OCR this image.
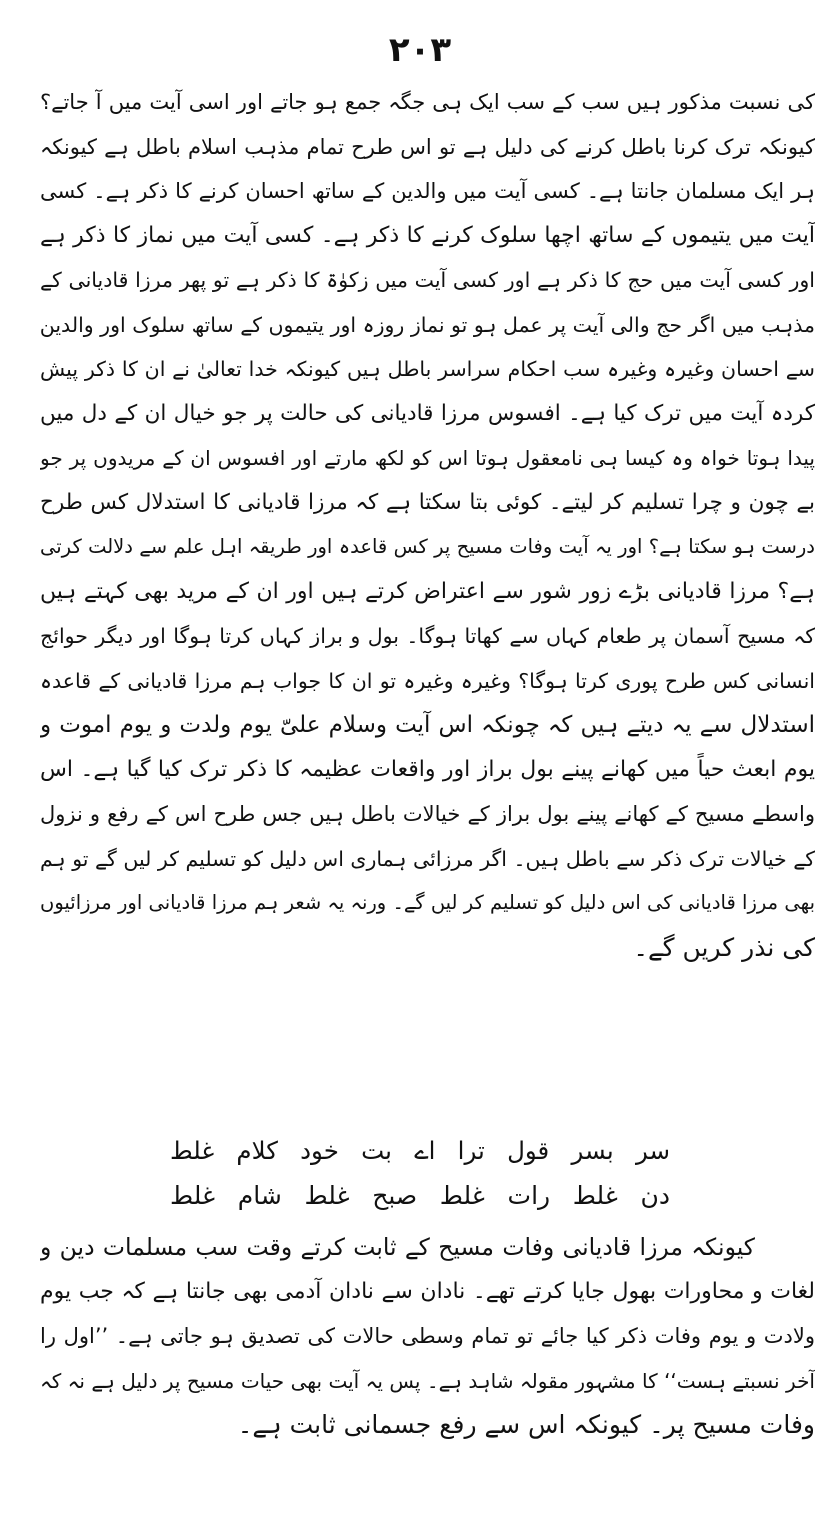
۲۰۳
کی نسبت مذکور ہیں سب کے سب ایک ہی جگہ جمع ہو جاتے اور اسی آیت میں آ جاتے؟
کیونکہ ترک کرنا باطل کرنے کی دلیل ہے تو اس طرح تمام مذہب اسلام باطل ہے کیونکہ
ہر ایک مسلمان جانتا ہے۔ کسی آیت میں والدین کے ساتھ احسان کرنے کا ذکر ہے۔ کسی
آیت میں یتیموں کے ساتھ اچھا سلوک کرنے کا ذکر ہے۔ کسی آیت میں نماز کا ذکر ہے
اور کسی آیت میں حج کا ذکر ہے اور کسی آیت میں زکوٰۃ کا ذکر ہے تو پھر مرزا قادیانی کے
مذہب میں اگر حج والی آیت پر عمل ہو تو نماز روزہ اور یتیموں کے ساتھ سلوک اور والدین
سے احسان وغیرہ وغیرہ سب احکام سراسر باطل ہیں کیونکہ خدا تعالیٰ نے ان کا ذکر پیش
کردہ آیت میں ترک کیا ہے۔ افسوس مرزا قادیانی کی حالت پر جو خیال ان کے دل میں
پیدا ہوتا خواہ وہ کیسا ہی نامعقول ہوتا اس کو لکھ مارتے اور افسوس ان کے مریدوں پر جو
بے چون و چرا تسلیم کر لیتے۔ کوئی بتا سکتا ہے کہ مرزا قادیانی کا استدلال کس طرح
درست ہو سکتا ہے؟ اور یہ آیت وفات مسیح پر کس قاعدہ اور طریقہ اہل علم سے دلالت کرتی
ہے؟ مرزا قادیانی بڑے زور شور سے اعتراض کرتے ہیں اور ان کے مرید بھی کہتے ہیں
کہ مسیح آسمان پر طعام کہاں سے کھاتا ہوگا۔ بول و براز کہاں کرتا ہوگا اور دیگر حوائج
انسانی کس طرح پوری کرتا ہوگا؟ وغیرہ وغیرہ تو ان کا جواب ہم مرزا قادیانی کے قاعدہ
استدلال سے یہ دیتے ہیں کہ چونکہ اس آیت وسلام علیّ یوم ولدت و یوم اموت و
یوم ابعث حیاً میں کھانے پینے بول براز اور واقعات عظیمہ کا ذکر ترک کیا گیا ہے۔ اس
واسطے مسیح کے کھانے پینے بول براز کے خیالات باطل ہیں جس طرح اس کے رفع و نزول
کے خیالات ترک ذکر سے باطل ہیں۔ اگر مرزائی ہماری اس دلیل کو تسلیم کر لیں گے تو ہم
بھی مرزا قادیانی کی اس دلیل کو تسلیم کر لیں گے۔ ورنہ یہ شعر ہم مرزا قادیانی اور مرزائیوں
کی نذر کریں گے۔
سر بسر قول ترا اے بت خود کلام غلط
دن غلط رات غلط صبح غلط شام غلط
کیونکہ مرزا قادیانی وفات مسیح کے ثابت کرتے وقت سب مسلمات دین و
لغات و محاورات بھول جایا کرتے تھے۔ نادان سے نادان آدمی بھی جانتا ہے کہ جب یوم
ولادت و یوم وفات ذکر کیا جائے تو تمام وسطی حالات کی تصدیق ہو جاتی ہے۔ ’’اول را
آخر نسبتے ہست‘‘ کا مشہور مقولہ شاہد ہے۔ پس یہ آیت بھی حیات مسیح پر دلیل ہے نہ کہ
وفات مسیح پر۔ کیونکہ اس سے رفع جسمانی ثابت ہے۔
